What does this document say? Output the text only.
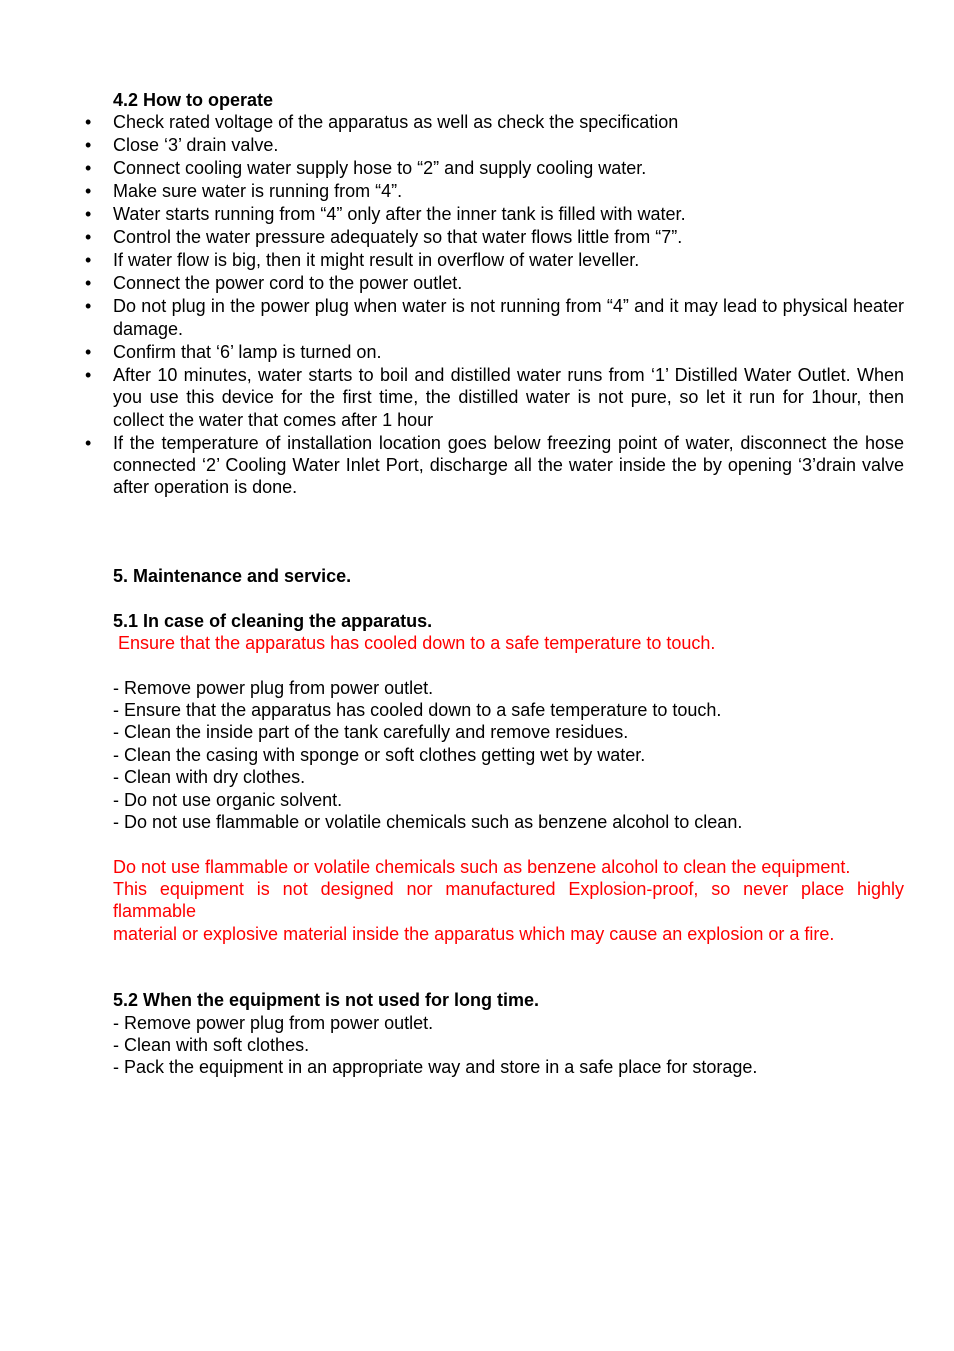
4.2 How to operate

• Check rated voltage of the apparatus as well as check the specification
• Close ‘3’ drain valve.
• Connect cooling water supply hose to “2” and supply cooling water.
• Make sure water is running from “4”.
• Water starts running from “4” only after the inner tank is filled with water.
• Control the water pressure adequately so that water flows little from “7”.
• If water flow is big, then it might result in overflow of water leveller.
• Connect the power cord to the power outlet.
• Do not plug in the power plug when water is not running from “4” and it may lead to physical heater damage.
• Confirm that ‘6’ lamp is turned on.
• After 10 minutes, water starts to boil and distilled water runs from ‘1’ Distilled Water Outlet. When you use this device for the first time, the distilled water is not pure, so let it run for 1hour, then collect the water that comes after 1 hour
• If the temperature of installation location goes below freezing point of water, disconnect the hose connected ‘2’ Cooling Water Inlet Port, discharge all the water inside the by opening ‘3’drain valve after operation is done.

5. Maintenance and service.

5.1 In case of cleaning the apparatus.

Ensure that the apparatus has cooled down to a safe temperature to touch.

- Remove power plug from power outlet.

- Ensure that the apparatus has cooled down to a safe temperature to touch.

- Clean the inside part of the tank carefully and remove residues.

- Clean the casing with sponge or soft clothes getting wet by water.

- Clean with dry clothes.

- Do not use organic solvent.

- Do not use flammable or volatile chemicals such as benzene alcohol to clean.

Do not use flammable or volatile chemicals such as benzene alcohol to clean the equipment.

This equipment is not designed nor manufactured Explosion-proof, so never place highly flammable

material or explosive material inside the apparatus which may cause an explosion or a fire.

5.2 When the equipment is not used for long time.

- Remove power plug from power outlet.

- Clean with soft clothes.

- Pack the equipment in an appropriate way and store in a safe place for storage.
